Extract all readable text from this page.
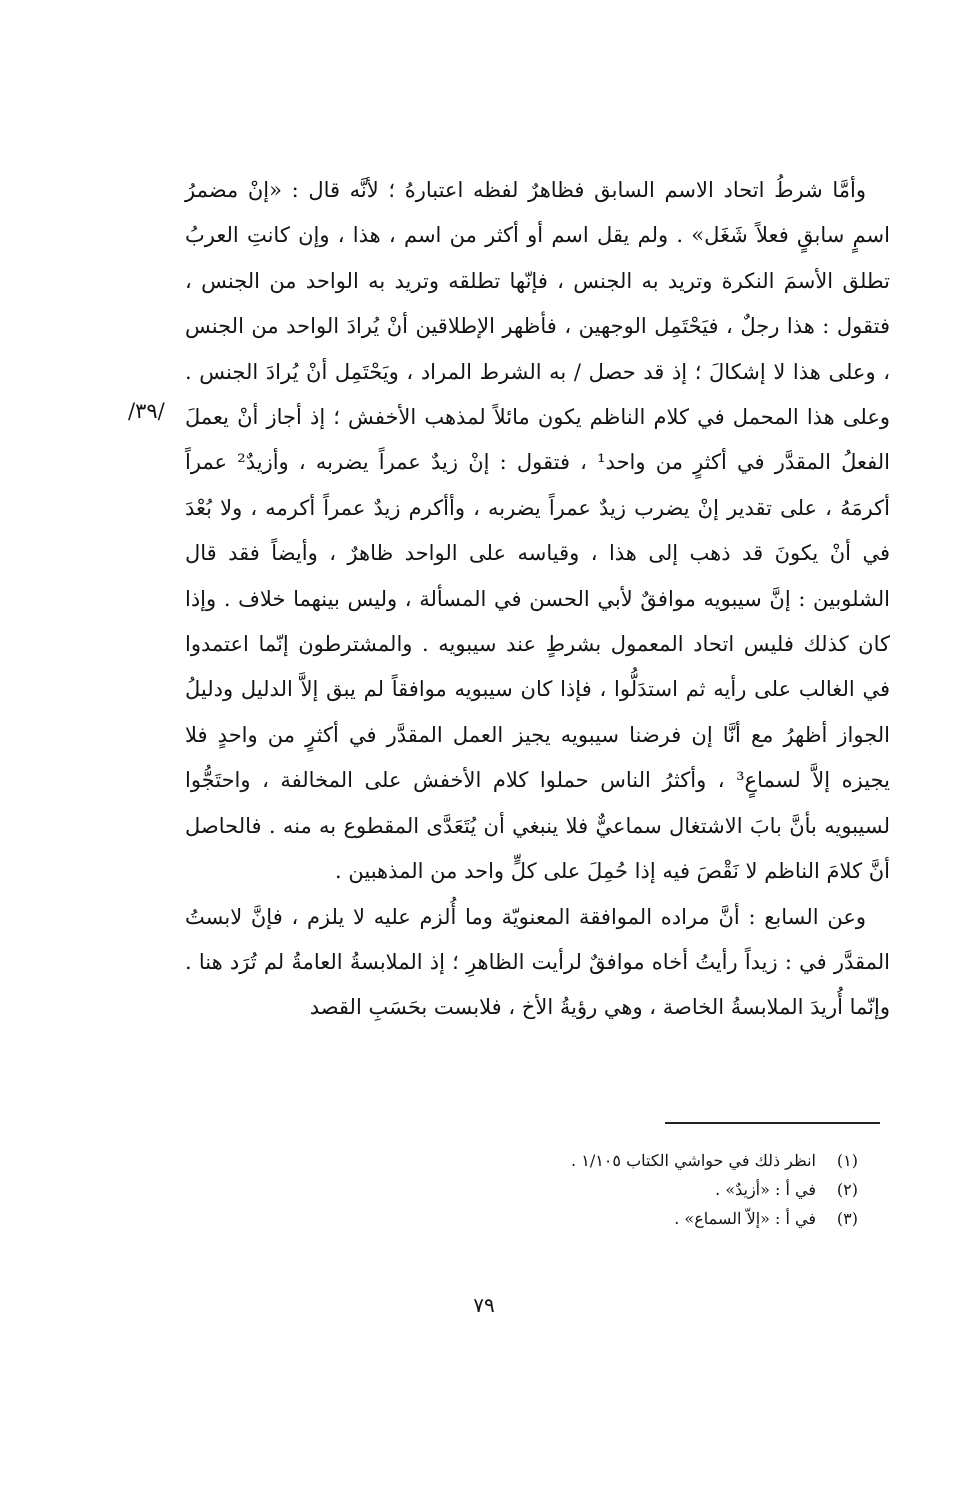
وأمَّا شرطُ اتحاد الاسم السابق فظاهرٌ لفظه اعتبارهُ ؛ لأنَّه قال : «إنْ مضمرُ اسمٍ سابقٍ فعلاً شَغَل» . ولم يقل اسم أو أكثر من اسم ، هذا ، وإن كانتِ العربُ تطلق الأسمَ النكرة وتريد به الجنس ، فإنّها تطلقه وتريد به الواحد من الجنس ، فتقول : هذا رجلٌ ، فيَحْتَمِل الوجهين ، فأظهر الإطلاقين أنْ يُرادَ الواحد من الجنس ، وعلى هذا لا إشكالَ ؛ إذ قد حصل / به الشرط المراد ، ويَحْتَمِل أنْ يُرادَ الجنس . وعلى هذا المحمل في كلام الناظم يكون مائلاً لمذهب الأخفش ؛ إذ أجاز أنْ يعملَ الفعلُ المقدَّر في أكثرٍ من واحد¹ ، فتقول : إنْ زيدٌ عمراً يضربه ، وأزيدٌ² عمراً أكرمَهُ ، على تقدير إنْ يضرب زيدٌ عمراً يضربه ، وأأكرم زيدٌ عمراً أكرمه ، ولا بُعْدَ في أنْ يكونَ قد ذهب إلى هذا ، وقياسه على الواحد ظاهرٌ ، وأيضاً فقد قال الشلوبين : إنَّ سيبويه موافقٌ لأبي الحسن في المسألة ، وليس بينهما خلاف . وإذا كان كذلك فليس اتحاد المعمول بشرطٍ عند سيبويه . والمشترطون إنّما اعتمدوا في الغالب على رأيه ثم استدَلُّوا ، فإذا كان سيبويه موافقاً لم يبق إلاَّ الدليل ودليلُ الجواز أظهرُ مع أنَّا إن فرضنا سيبويه يجيز العمل المقدَّر في أكثرٍ من واحدٍ فلا يجيزه إلاَّ لسماعٍ³ ، وأكثرُ الناس حملوا كلام الأخفش على المخالفة ، واحتَجُّوا لسيبويه بأنَّ بابَ الاشتغال سماعيٌّ فلا ينبغي أن يُتَعَدَّى المقطوع به منه . فالحاصل أنَّ كلامَ الناظم لا نَقْصَ فيه إذا حُمِلَ على كلٍّ واحد من المذهبين .

وعن السابع : أنَّ مراده الموافقة المعنويّة وما أُلزم عليه لا يلزم ، فإنَّ لابستُ المقدَّر في : زيداً رأيتُ أخاه موافقٌ لرأيت الظاهرِ ؛ إذ الملابسةُ العامةُ لم تُرَد هنا . وإنّما أُريدَ الملابسةُ الخاصة ، وهي رؤيةُ الأخ ، فلابست بحَسَبِ القصد

/٣٩/
(١)
انظر ذلك في حواشي الكتاب ١/١٠٥ .
(٢)
في أ : «أزيدٌ» .
(٣)
في أ : «إلاّ السماع» .
٧٩
